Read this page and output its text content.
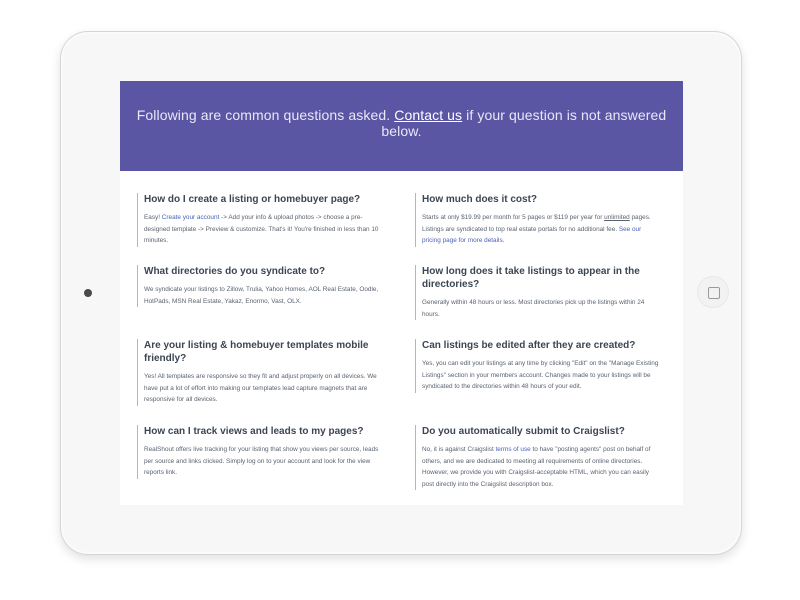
Following are common questions asked. Contact us if your question is not answered below.
How do I create a listing or homebuyer page?

Easy! Create your account -> Add your info & upload photos -> choose a pre-designed template -> Preview & customize. That's it! You're finished in less than 10 minutes.

How much does it cost?

Starts at only $19.99 per month for 5 pages or $119 per year for unlimited pages. Listings are syndicated to top real estate portals for no additional fee. See our pricing page for more details.

What directories do you syndicate to?

We syndicate your listings to Zillow, Trulia, Yahoo Homes, AOL Real Estate, Oodle, HotPads, MSN Real Estate, Yakaz, Enormo, Vast, OLX.

How long does it take listings to appear in the directories?

Generally within 48 hours or less. Most directories pick up the listings within 24 hours.

Are your listing & homebuyer templates mobile friendly?

Yes! All templates are responsive so they fit and adjust properly on all devices. We have put a lot of effort into making our templates lead capture magnets that are responsive for all devices.

Can listings be edited after they are created?

Yes, you can edit your listings at any time by clicking "Edit" on the "Manage Existing Listings" section in your members account. Changes made to your listings will be syndicated to the directories within 48 hours of your edit.

How can I track views and leads to my pages?

RealShout offers live tracking for your listing that show you views per source, leads per source and links clicked. Simply log on to your account and look for the view reports link.

Do you automatically submit to Craigslist?

No, it is against Craigslist terms of use to have "posting agents" post on behalf of others, and we are dedicated to meeting all requirements of online directories. However, we provide you with Craigslist-acceptable HTML, which you can easily post directly into the Craigslist description box.
